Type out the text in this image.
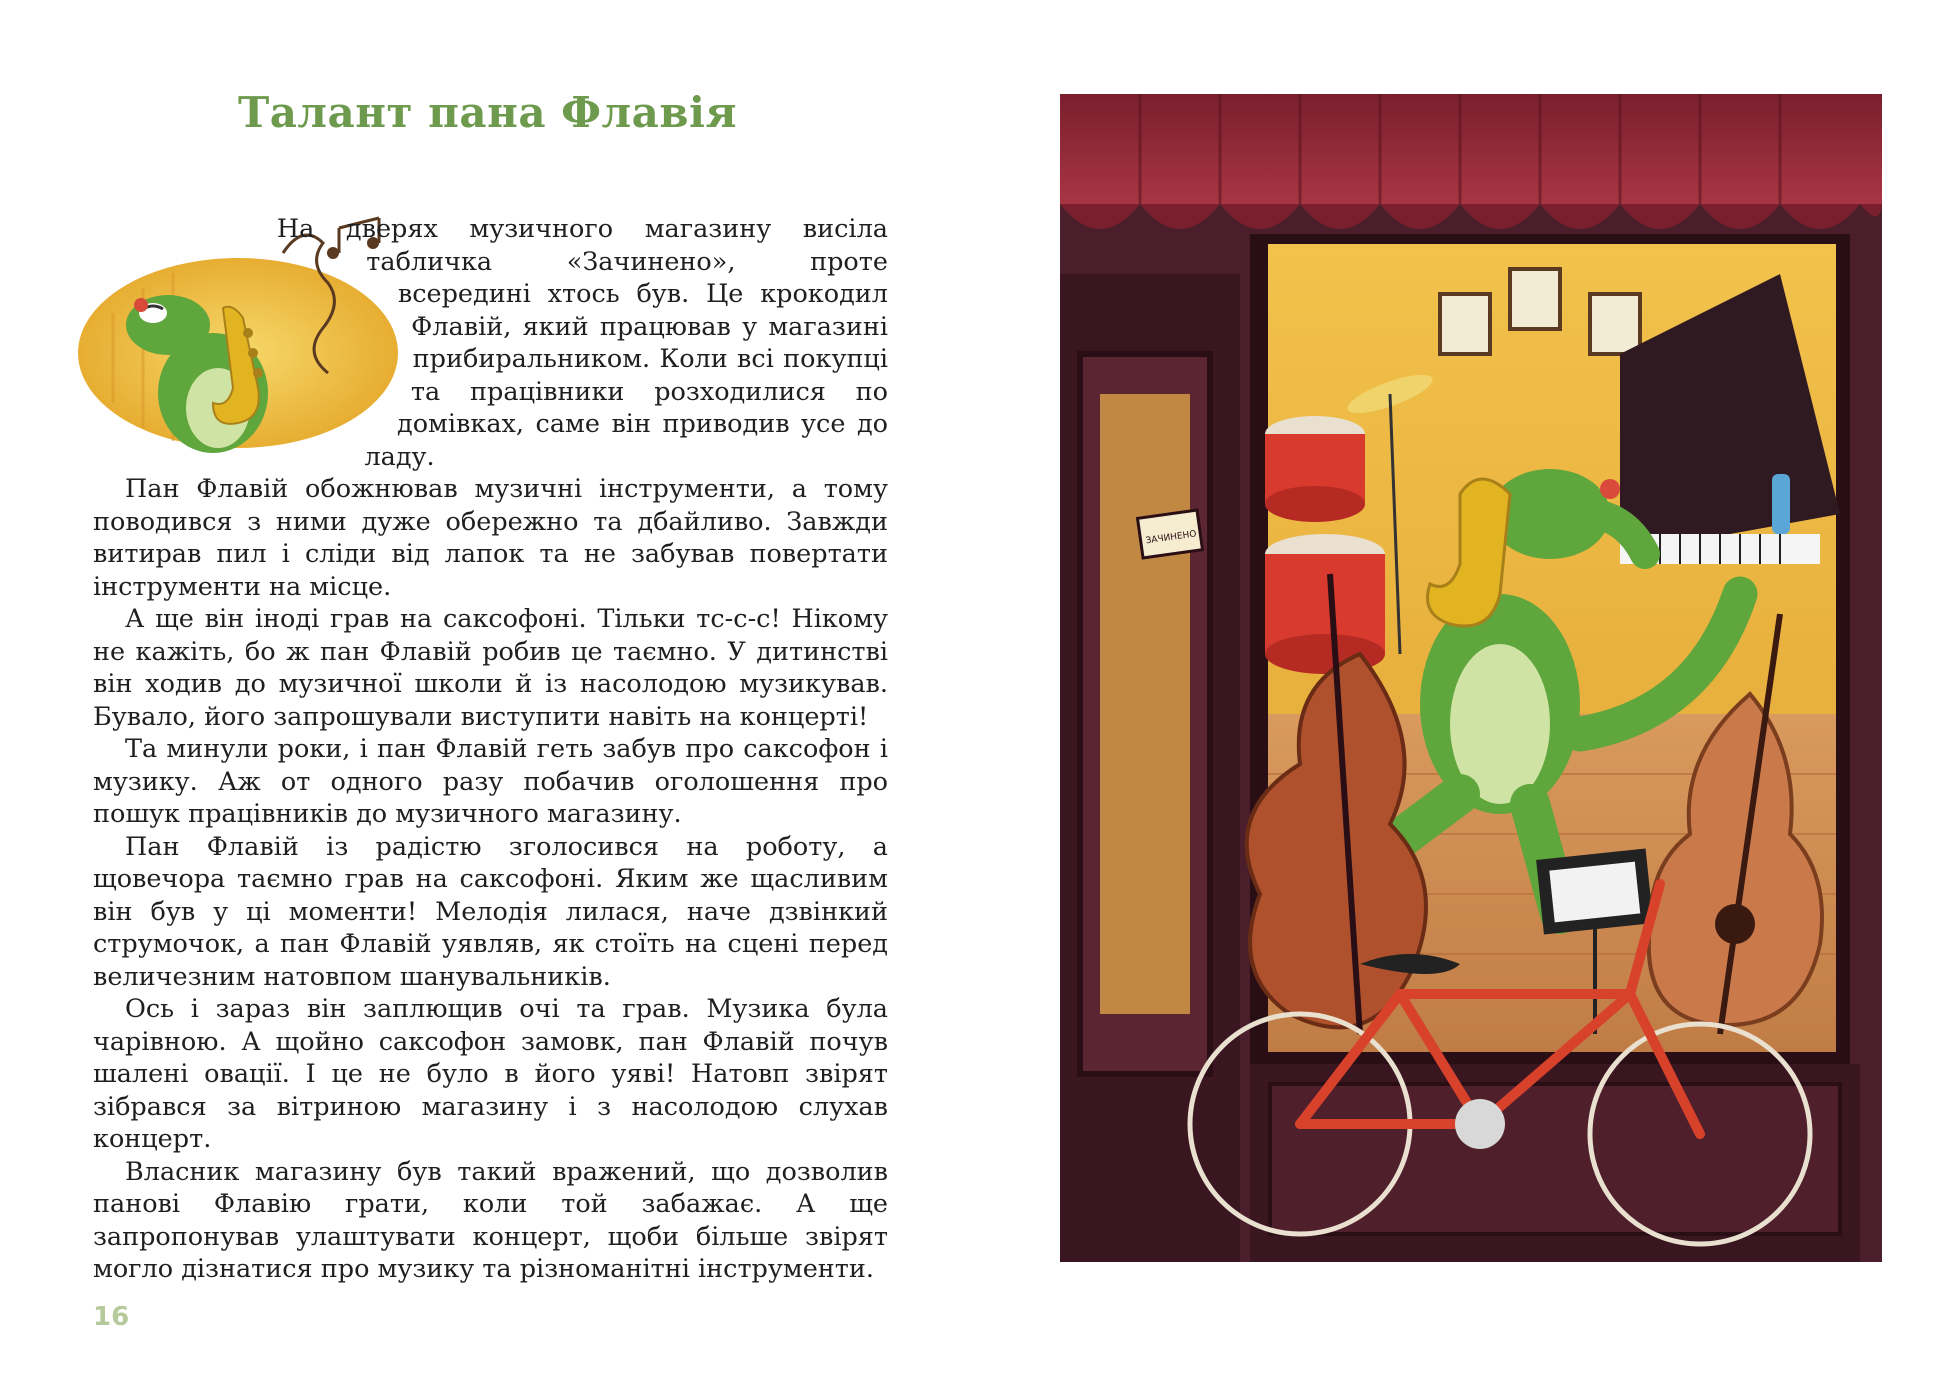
Талант пана Флавія

На дверях музичного магазину висіла табличка «Зачинено», проте всередині хтось був. Це крокодил Флавій, який працював у магазині прибиральником. Коли всі покупці та працівники розходилися по домівках, саме він приводив усе до ладу.

Пан Флавій обожнював музичні інструменти, а тому поводився з ними дуже обережно та дбайливо. Завжди витирав пил і сліди від лапок та не забував повертати інструменти на місце.

А ще він іноді грав на саксофоні. Тільки тс-с-с! Нікому не кажіть, бо ж пан Флавій робив це таємно. У дитинстві він ходив до музичної школи й із насолодою музикував. Бувало, його запрошували виступити навіть на концерті!

Та минули роки, і пан Флавій геть забув про саксофон і музику. Аж от одного разу побачив оголошення про пошук працівників до музичного магазину.

Пан Флавій із радістю зголосився на роботу, а щовечора таємно грав на саксофоні. Яким же щасливим він був у ці моменти! Мелодія лилася, наче дзвінкий струмочок, а пан Флавій уявляв, як стоїть на сцені перед величезним натовпом шанувальників.

Ось і зараз він заплющив очі та грав. Музика була чарівною. А щойно саксофон замовк, пан Флавій почув шалені овації. І це не було в його уяві! Натовп звірят зібрався за вітриною магазину і з насолодою слухав концерт.

Власник магазину був такий вражений, що дозволив панові Флавію грати, коли той забажає. А ще запропонував улаштувати концерт, щоби більше звірят могло дізнатися про музику та різноманітні інструменти.

16
ЗАЧИНЕНО
